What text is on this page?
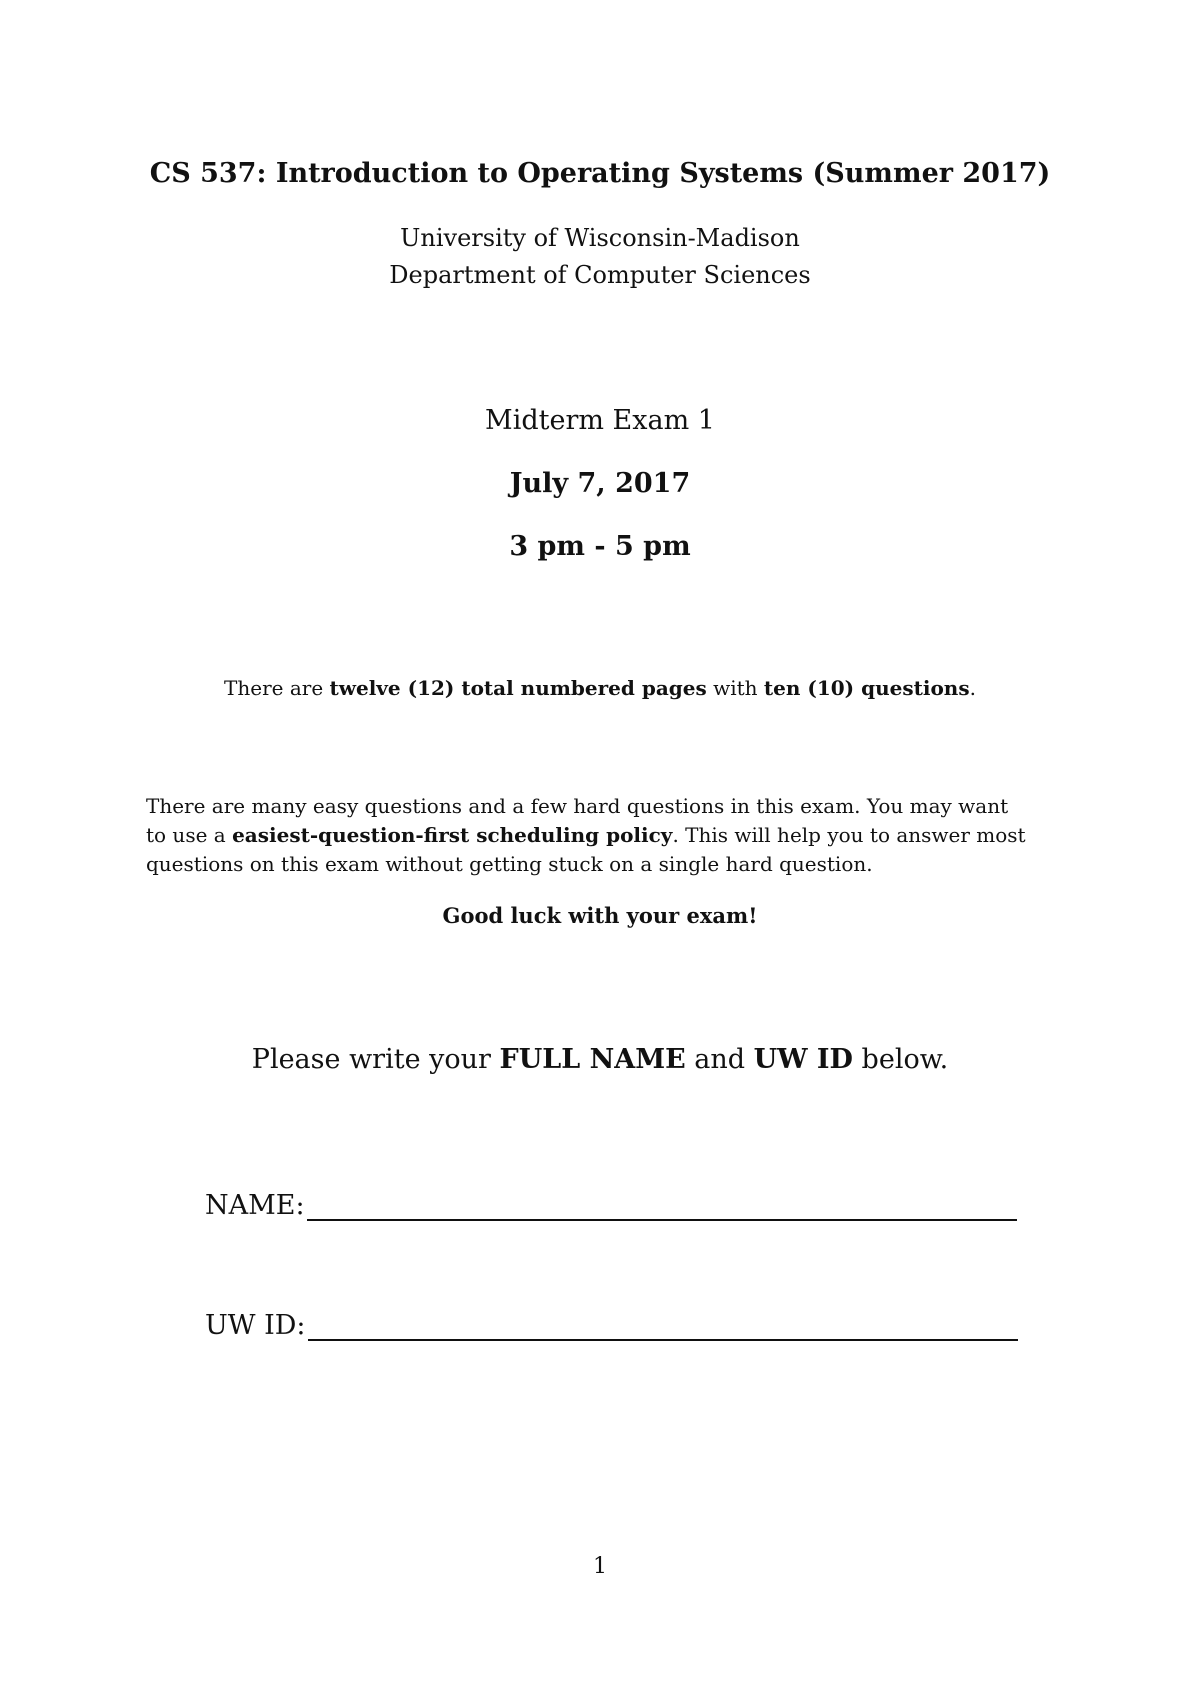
CS 537: Introduction to Operating Systems (Summer 2017)
University of Wisconsin-Madison
Department of Computer Sciences
Midterm Exam 1
July 7, 2017
3 pm - 5 pm
There are twelve (12) total numbered pages with ten (10) questions.
There are many easy questions and a few hard questions in this exam. You may want
to use a easiest-question-first scheduling policy. This will help you to answer most
questions on this exam without getting stuck on a single hard question.
Good luck with your exam!
Please write your FULL NAME and UW ID below.
NAME:
UW ID:
1
